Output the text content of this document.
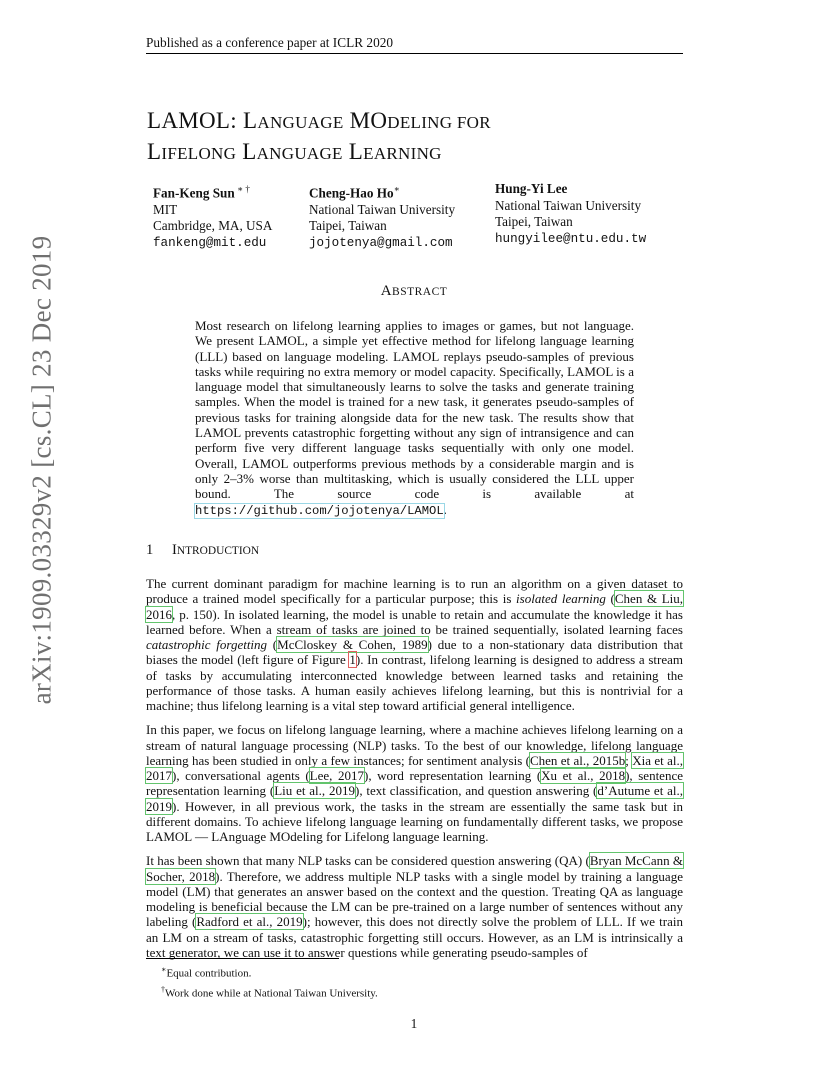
Published as a conference paper at ICLR 2020
arXiv:1909.03329v2 [cs.CL] 23 Dec 2019
LAMOL: LANGUAGE MODELING FOR
LIFELONG LANGUAGE LEARNING
Fan-Keng Sun ∗ †
MIT
Cambridge, MA, USA
fankeng@mit.edu
Cheng-Hao Ho∗
National Taiwan University
Taipei, Taiwan
jojotenya@gmail.com
Hung-Yi Lee
National Taiwan University
Taipei, Taiwan
hungyilee@ntu.edu.tw
ABSTRACT
Most research on lifelong learning applies to images or games, but not language. We present LAMOL, a simple yet effective method for lifelong language learning (LLL) based on language modeling. LAMOL replays pseudo-samples of previous tasks while requiring no extra memory or model capacity. Specifically, LAMOL is a language model that simultaneously learns to solve the tasks and generate training samples. When the model is trained for a new task, it generates pseudo-samples of previous tasks for training alongside data for the new task. The results show that LAMOL prevents catastrophic forgetting without any sign of intransigence and can perform five very different language tasks sequentially with only one model. Overall, LAMOL outperforms previous methods by a considerable margin and is only 2–3% worse than multitasking, which is usually considered the LLL upper bound. The source code is available at https://github.com/jojotenya/LAMOL.
1 INTRODUCTION

The current dominant paradigm for machine learning is to run an algorithm on a given dataset to produce a trained model specifically for a particular purpose; this is isolated learning (Chen & Liu, 2016, p. 150). In isolated learning, the model is unable to retain and accumulate the knowledge it has learned before. When a stream of tasks are joined to be trained sequentially, isolated learning faces catastrophic forgetting (McCloskey & Cohen, 1989) due to a non-stationary data distribution that biases the model (left figure of Figure 1). In contrast, lifelong learning is designed to address a stream of tasks by accumulating interconnected knowledge between learned tasks and retaining the performance of those tasks. A human easily achieves lifelong learning, but this is nontrivial for a machine; thus lifelong learning is a vital step toward artificial general intelligence.

In this paper, we focus on lifelong language learning, where a machine achieves lifelong learning on a stream of natural language processing (NLP) tasks. To the best of our knowledge, lifelong language learning has been studied in only a few instances; for sentiment analysis (Chen et al., 2015b; Xia et al., 2017), conversational agents (Lee, 2017), word representation learning (Xu et al., 2018), sentence representation learning (Liu et al., 2019), text classification, and question answering (d’Autume et al., 2019). However, in all previous work, the tasks in the stream are essentially the same task but in different domains. To achieve lifelong language learning on fundamentally different tasks, we propose LAMOL — LAnguage MOdeling for Lifelong language learning.

It has been shown that many NLP tasks can be considered question answering (QA) (Bryan McCann & Socher, 2018). Therefore, we address multiple NLP tasks with a single model by training a language model (LM) that generates an answer based on the context and the question. Treating QA as language modeling is beneficial because the LM can be pre-trained on a large number of sentences without any labeling (Radford et al., 2019); however, this does not directly solve the problem of LLL. If we train an LM on a stream of tasks, catastrophic forgetting still occurs. However, as an LM is intrinsically a text generator, we can use it to answer questions while generating pseudo-samples of

∗Equal contribution.
†Work done while at National Taiwan University.
1
